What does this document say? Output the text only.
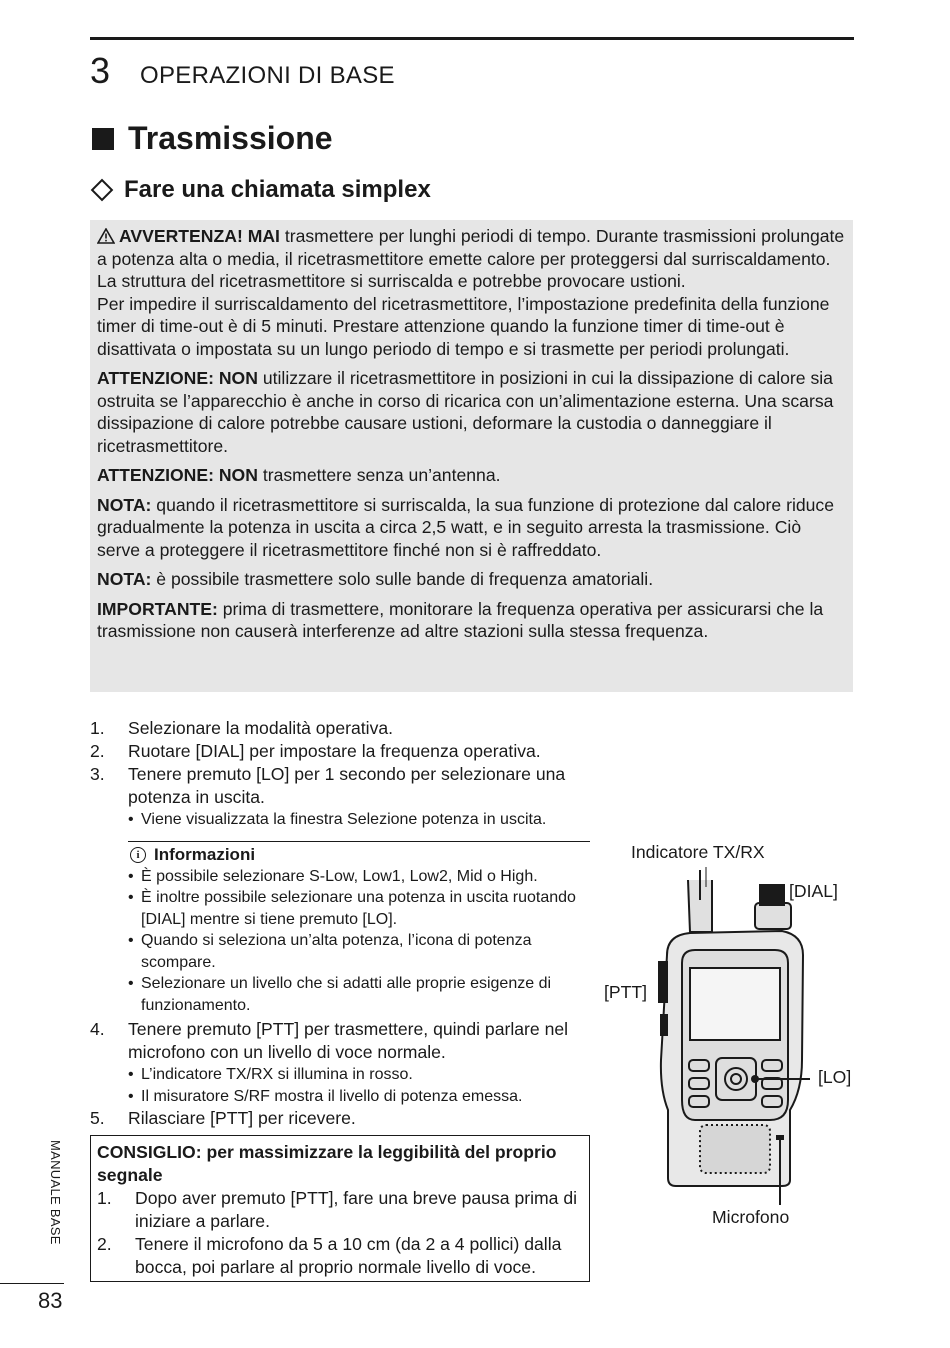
3 OPERAZIONI DI BASE
Trasmissione
Fare una chiamata simplex

AVVERTENZA! MAI trasmettere per lunghi periodi di tempo. Durante trasmissioni prolungate a potenza alta o media, il ricetrasmettitore emette calore per proteggersi dal surriscaldamento. La struttura del ricetrasmettitore si surriscalda e potrebbe provocare ustioni.
Per impedire il surriscaldamento del ricetrasmettitore, l’impostazione predefinita della funzione timer di time-out è di 5 minuti. Prestare attenzione quando la funzione timer di time-out è disattivata o impostata su un lungo periodo di tempo e si trasmette per periodi prolungati.

ATTENZIONE: NON utilizzare il ricetrasmettitore in posizioni in cui la dissipazione di calore sia ostruita se l’apparecchio è anche in corso di ricarica con un’alimentazione esterna. Una scarsa dissipazione di calore potrebbe causare ustioni, deformare la custodia o danneggiare il ricetrasmettitore.

ATTENZIONE: NON trasmettere senza un’antenna.

NOTA: quando il ricetrasmettitore si surriscalda, la sua funzione di protezione dal calore riduce gradualmente la potenza in uscita a circa 2,5 watt, e in seguito arresta la trasmissione. Ciò serve a proteggere il ricetrasmettitore finché non si è raffreddato.

NOTA: è possibile trasmettere solo sulle bande di frequenza amatoriali.

IMPORTANTE: prima di trasmettere, monitorare la frequenza operativa per assicurarsi che la trasmissione non causerà interferenze ad altre stazioni sulla stessa frequenza.

1.	Selezionare la modalità operativa.
2.	Ruotare [DIAL] per impostare la frequenza operativa.
3.	Tenere premuto [LO] per 1 secondo per selezionare una potenza in uscita.
• Viene visualizzata la finestra Selezione potenza in uscita.
i Informazioni
• È possibile selezionare S-Low, Low1, Low2, Mid o High.
• È inoltre possibile selezionare una potenza in uscita ruotando [DIAL] mentre si tiene premuto [LO].
• Quando si seleziona un’alta potenza, l’icona di potenza scompare.
• Selezionare un livello che si adatti alle proprie esigenze di funzionamento.
4.	Tenere premuto [PTT] per trasmettere, quindi parlare nel microfono con un livello di voce normale.
• L’indicatore TX/RX si illumina in rosso.
• Il misuratore S/RF mostra il livello di potenza emessa.
5.	Rilasciare [PTT] per ricevere.
CONSIGLIO: per massimizzare la leggibilità del proprio segnale
1.	Dopo aver premuto [PTT], fare una breve pausa prima di iniziare a parlare.
2.	Tenere il microfono da 5 a 10 cm (da 2 a 4 pollici) dalla bocca, poi parlare al proprio normale livello di voce.
Indicatore TX/RX
[DIAL]
[PTT]
[LO]
Microfono
MANUALE BASE
83
